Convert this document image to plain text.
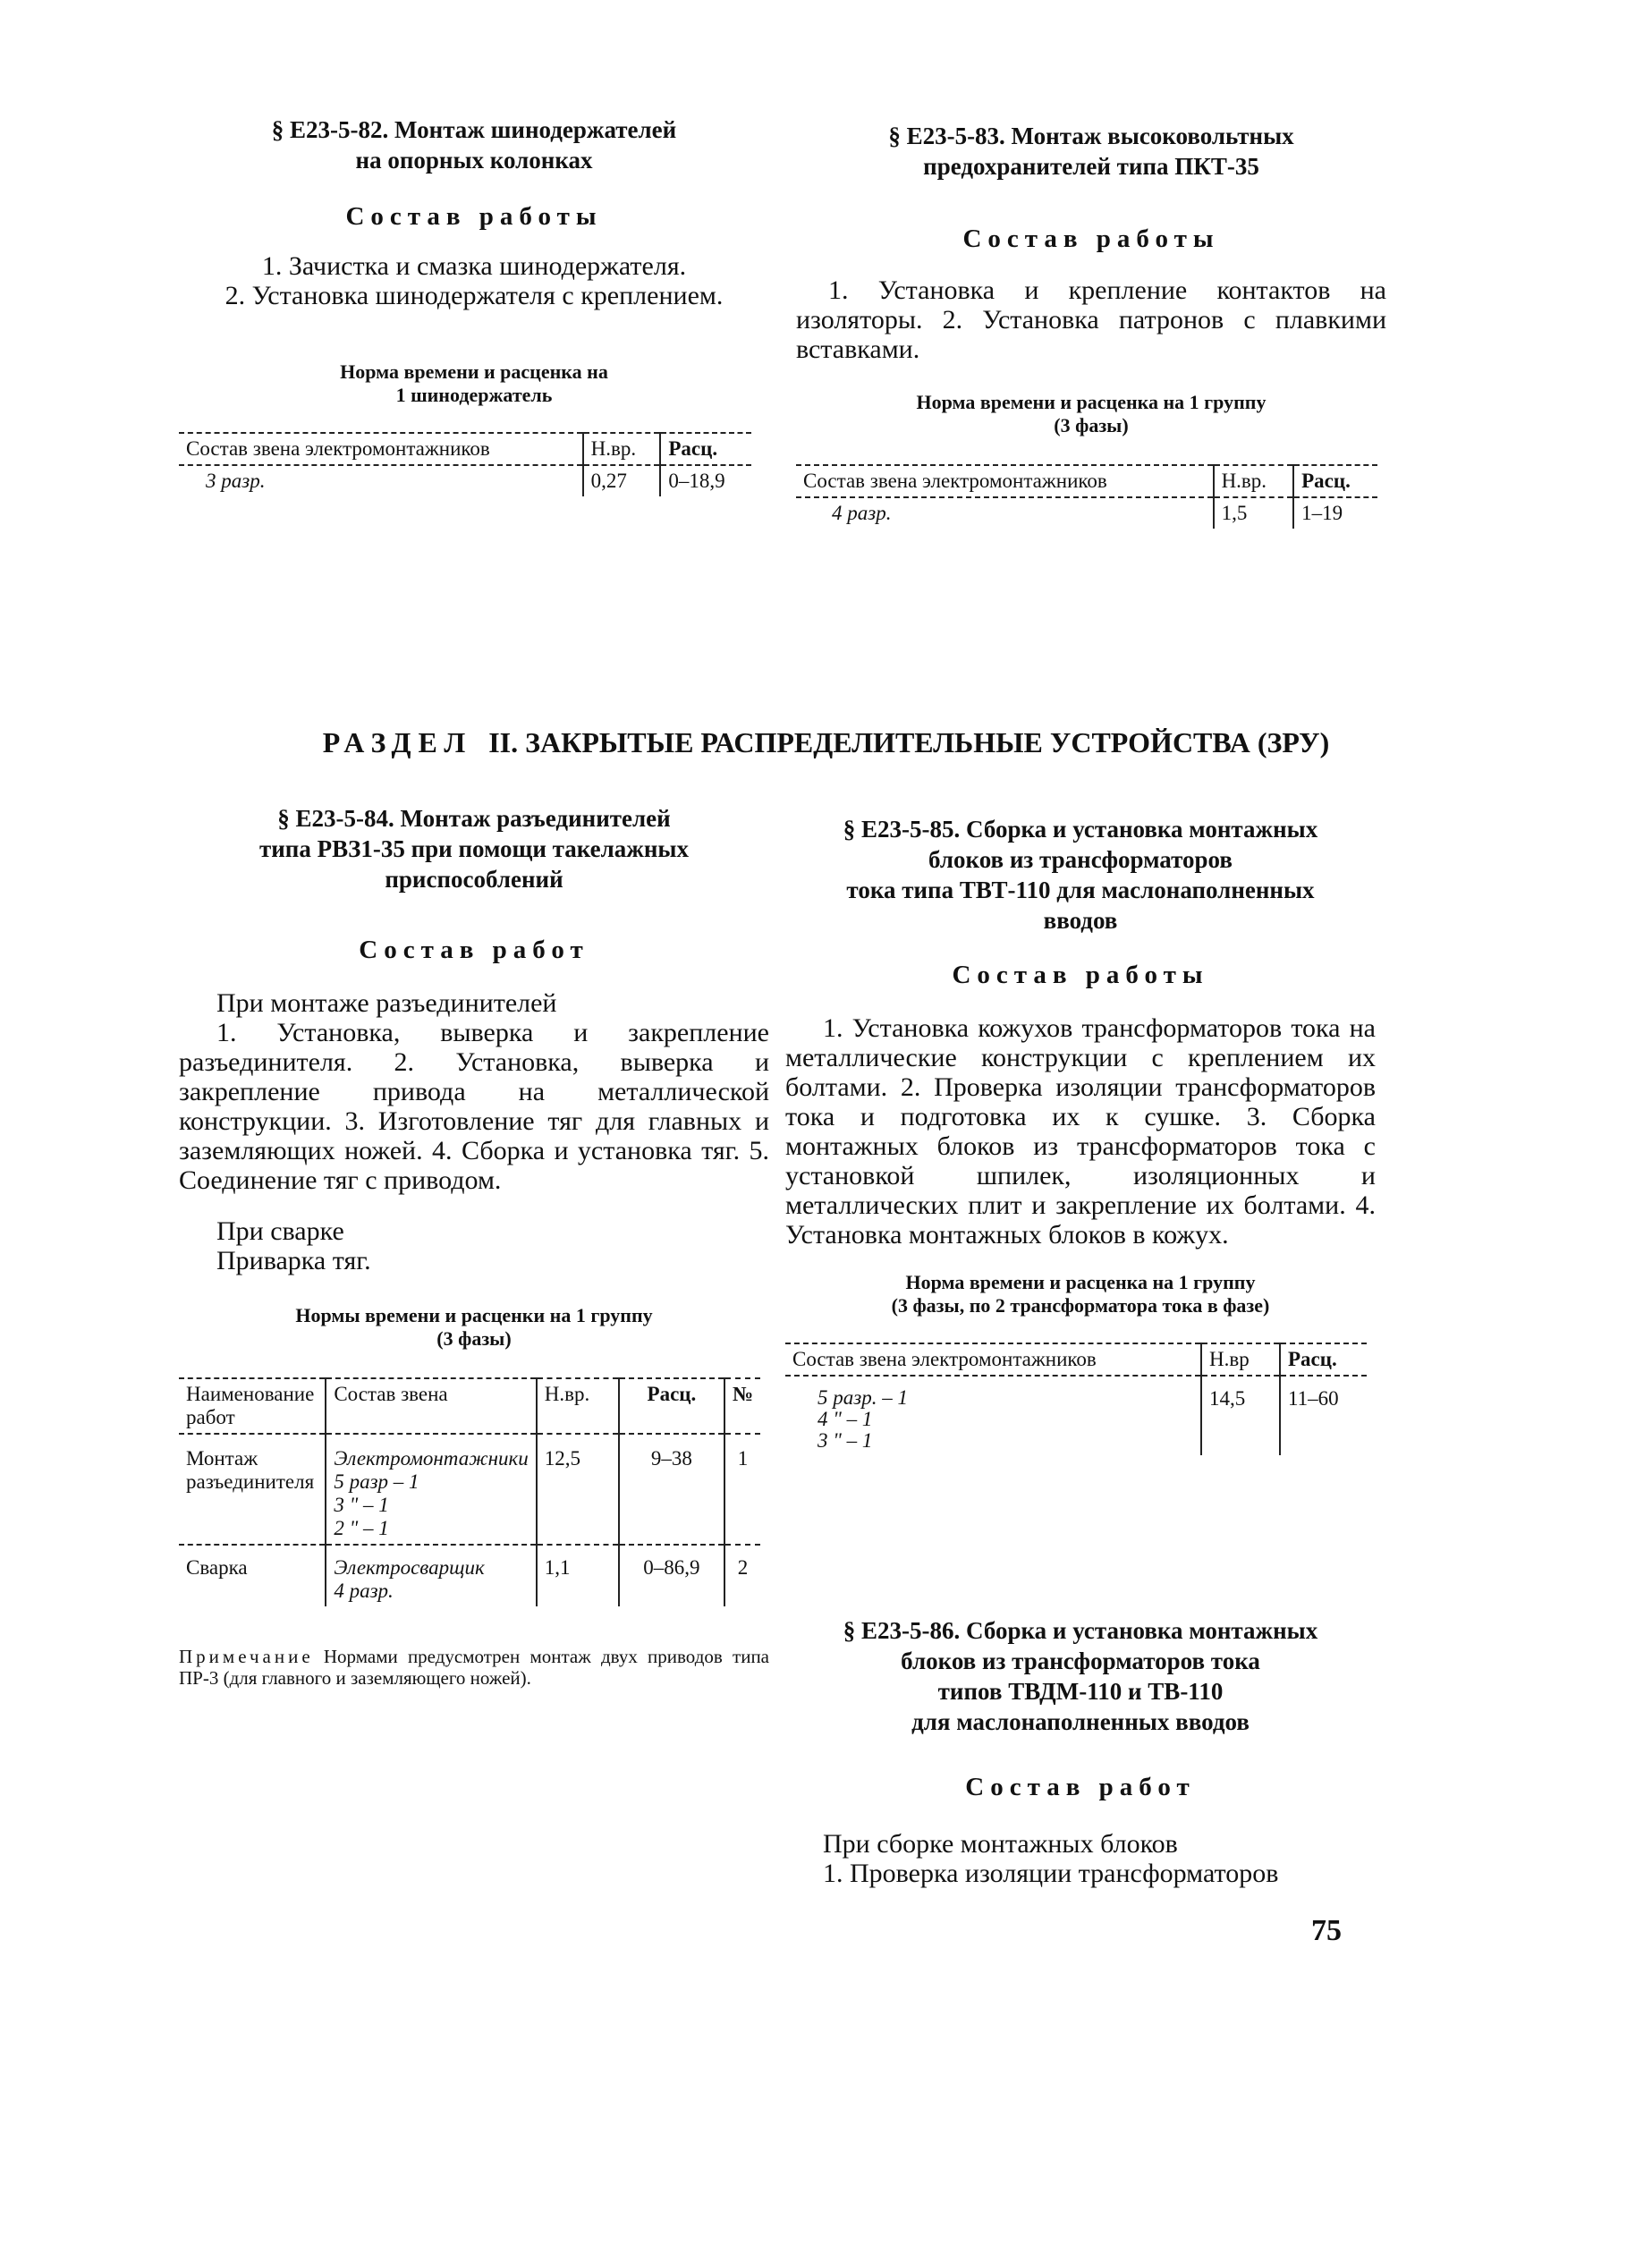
§ Е23-5-82. Монтаж шинодержателей

на опорных колонках

Состав работы

1. Зачистка и смазка шинодержателя.

2. Установка шинодержателя с креплением.

Норма времени и расценка на

1 шинодержатель

Состав звена электромонтажников	Н.вр.	Расц.
3 разр.	0,27	0–18,9

§ Е23-5-83. Монтаж высоковольтных

предохранителей типа ПКТ-35

Состав работы

1. Установка и крепление контактов на изоляторы. 2. Установка патронов с плавкими вставками.

Норма времени и расценка на 1 группу

(3 фазы)

Состав звена электромонтажников	Н.вр.	Расц.
4 разр.	1,5	1–19
РАЗДЕЛ II. ЗАКРЫТЫЕ РАСПРЕДЕЛИТЕЛЬНЫЕ УСТРОЙСТВА (ЗРУ)

§ Е23-5-84. Монтаж разъединителей

типа РВЗ1-35 при помощи такелажных

приспособлений

Состав работ

При монтаже разъединителей

1. Установка, выверка и закрепление разъединителя. 2. Установка, выверка и закрепление привода на металлической конструкции. 3. Изготовление тяг для главных и заземляющих ножей. 4. Сборка и установка тяг. 5. Соединение тяг с приводом.

При сварке

Приварка тяг.

Нормы времени и расценки на 1 группу

(3 фазы)

Наименование работ	Состав звена	Н.вр.	Расц.	№
Монтаж разъединителя	Электромонтажники
5 разр – 1
3 " – 1
2 " – 1	12,5	9–38	1
Сварка	Электросварщик
4 разр.	1,1	0–86,9	2

Примечание Нормами предусмотрен монтаж двух приводов типа ПР-3 (для главного и заземляющего ножей).

§ Е23-5-85. Сборка и установка монтажных

блоков из трансформаторов

тока типа ТВТ-110 для маслонаполненных

вводов

Состав работы

1. Установка кожухов трансформаторов тока на металлические конструкции с креплением их болтами. 2. Проверка изоляции трансформаторов тока и подготовка их к сушке. 3. Сборка монтажных блоков из трансформаторов тока с установкой шпилек, изоляционных и металлических плит и закрепление их болтами. 4. Установка монтажных блоков в кожух.

Норма времени и расценка на 1 группу

(3 фазы, по 2 трансформатора тока в фазе)

Состав звена электромонтажников	Н.вр	Расц.

5 разр. – 1
4 " – 1
3 " – 1	14,5	11–60

§ Е23-5-86. Сборка и установка монтажных

блоков из трансформаторов тока

типов ТВДМ-110 и ТВ-110

для маслонаполненных вводов

Состав работ

При сборке монтажных блоков

1. Проверка изоляции трансформаторов

75
